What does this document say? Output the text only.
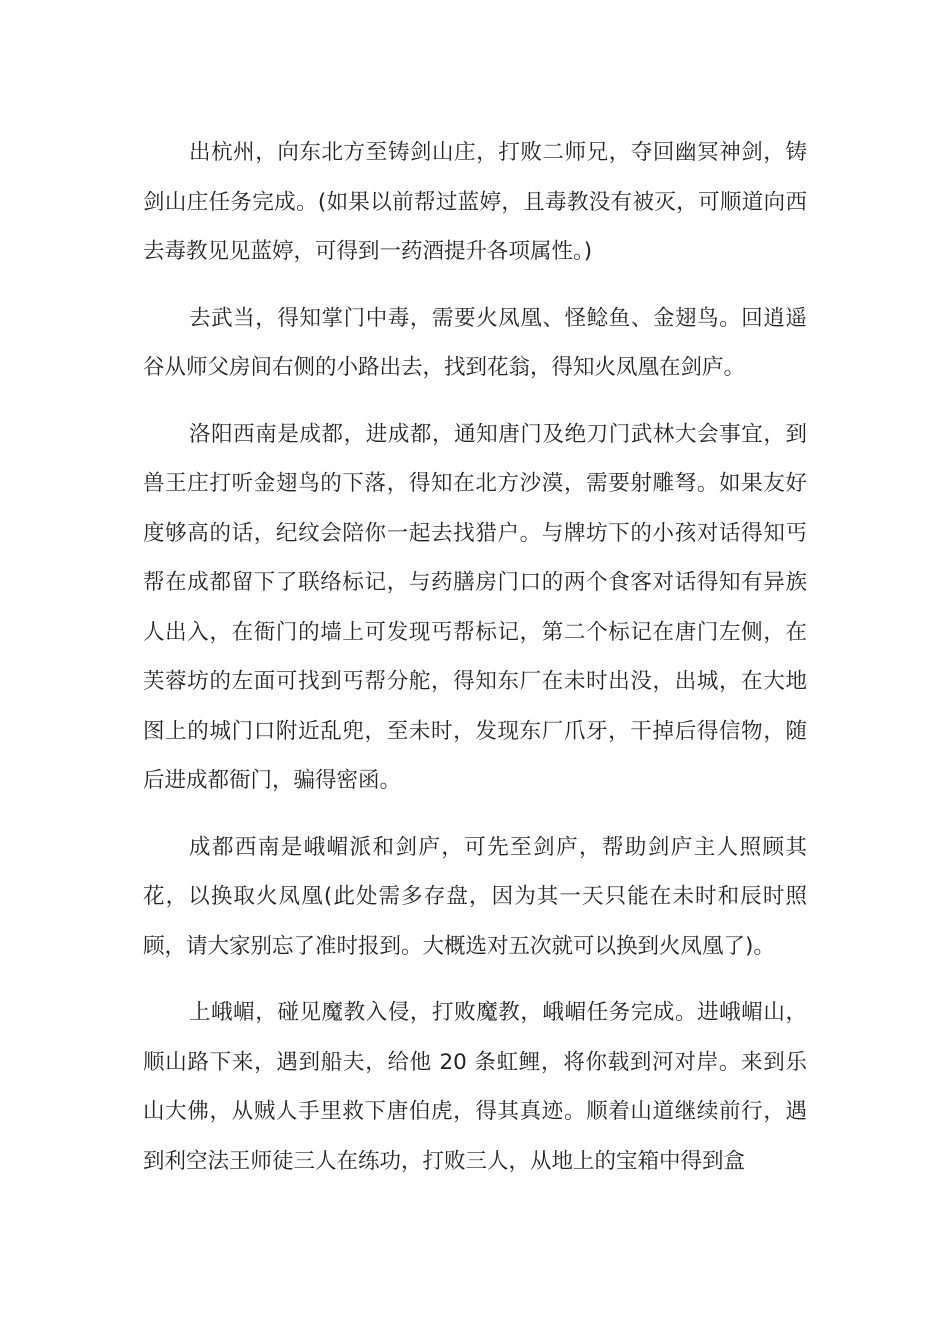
出杭州，向东北方至铸剑山庄，打败二师兄，夺回幽冥神剑，铸剑山庄任务完成。(如果以前帮过蓝婷，且毒教没有被灭，可顺道向西去毒教见见蓝婷，可得到一药酒提升各项属性。)

去武当，得知掌门中毒，需要火凤凰、怪鲶鱼、金翅鸟。回逍遥谷从师父房间右侧的小路出去，找到花翁，得知火凤凰在剑庐。

洛阳西南是成都，进成都，通知唐门及绝刀门武林大会事宜，到兽王庄打听金翅鸟的下落，得知在北方沙漠，需要射雕弩。如果友好度够高的话，纪纹会陪你一起去找猎户。与牌坊下的小孩对话得知丐帮在成都留下了联络标记，与药膳房门口的两个食客对话得知有异族人出入，在衙门的墙上可发现丐帮标记，第二个标记在唐门左侧，在芙蓉坊的左面可找到丐帮分舵，得知东厂在未时出没，出城，在大地图上的城门口附近乱兜，至未时，发现东厂爪牙，干掉后得信物，随后进成都衙门，骗得密函。

成都西南是峨嵋派和剑庐，可先至剑庐，帮助剑庐主人照顾其花，以换取火凤凰(此处需多存盘，因为其一天只能在未时和辰时照顾，请大家别忘了准时报到。大概选对五次就可以换到火凤凰了)。

上峨嵋，碰见魔教入侵，打败魔教，峨嵋任务完成。进峨嵋山，顺山路下来，遇到船夫，给他 20 条虹鲤，将你载到河对岸。来到乐山大佛，从贼人手里救下唐伯虎，得其真迹。顺着山道继续前行，遇到利空法王师徒三人在练功，打败三人，从地上的宝箱中得到盒
